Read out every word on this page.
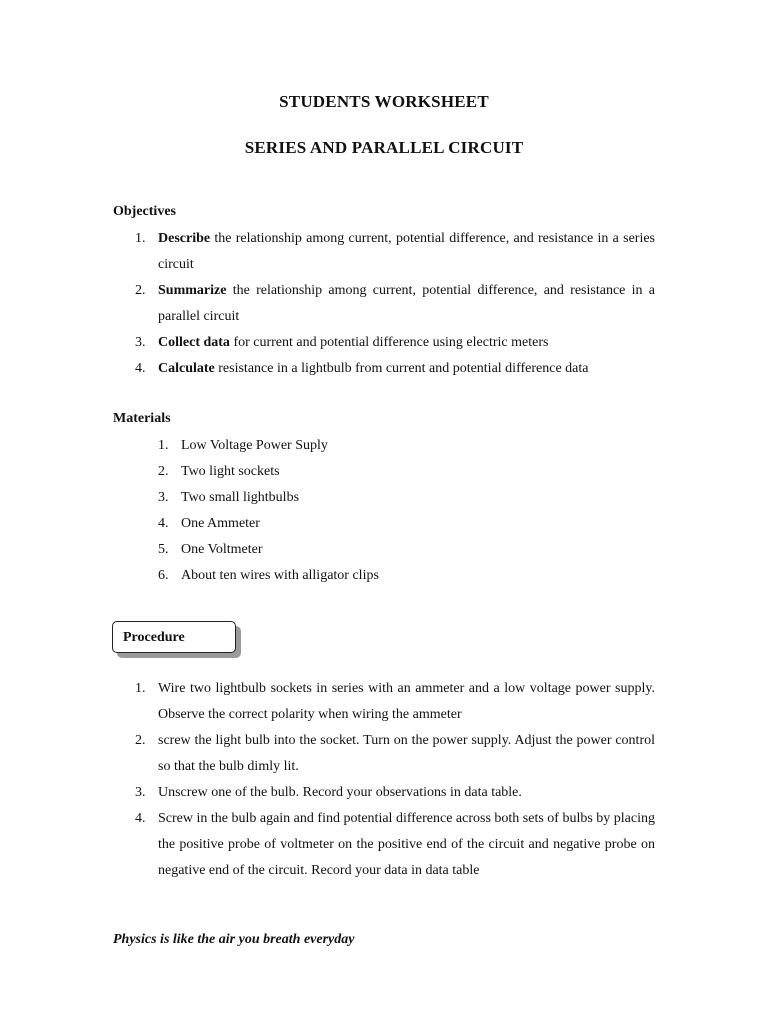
STUDENTS WORKSHEET
SERIES AND PARALLEL CIRCUIT
Objectives
1. Describe the relationship among current, potential difference, and resistance in a series circuit
2. Summarize the relationship among current, potential difference, and resistance in a parallel circuit
3. Collect data for current and potential difference using electric meters
4. Calculate resistance in a lightbulb from current and potential difference data
Materials
1. Low Voltage Power Suply
2. Two light sockets
3. Two small lightbulbs
4. One Ammeter
5. One Voltmeter
6. About ten wires with alligator clips
Procedure
1. Wire two lightbulb sockets in series with an ammeter and a low voltage power supply. Observe the correct polarity when wiring the ammeter
2. screw the light bulb into the socket. Turn on the power supply. Adjust the power control so that the bulb dimly lit.
3. Unscrew one of the bulb. Record your observations in data table.
4. Screw in the bulb again and find potential difference across both sets of bulbs by placing the positive probe of voltmeter on the positive end of the circuit and negative probe on negative end of the circuit. Record your data in data table
Physics is like the air you breath everyday
